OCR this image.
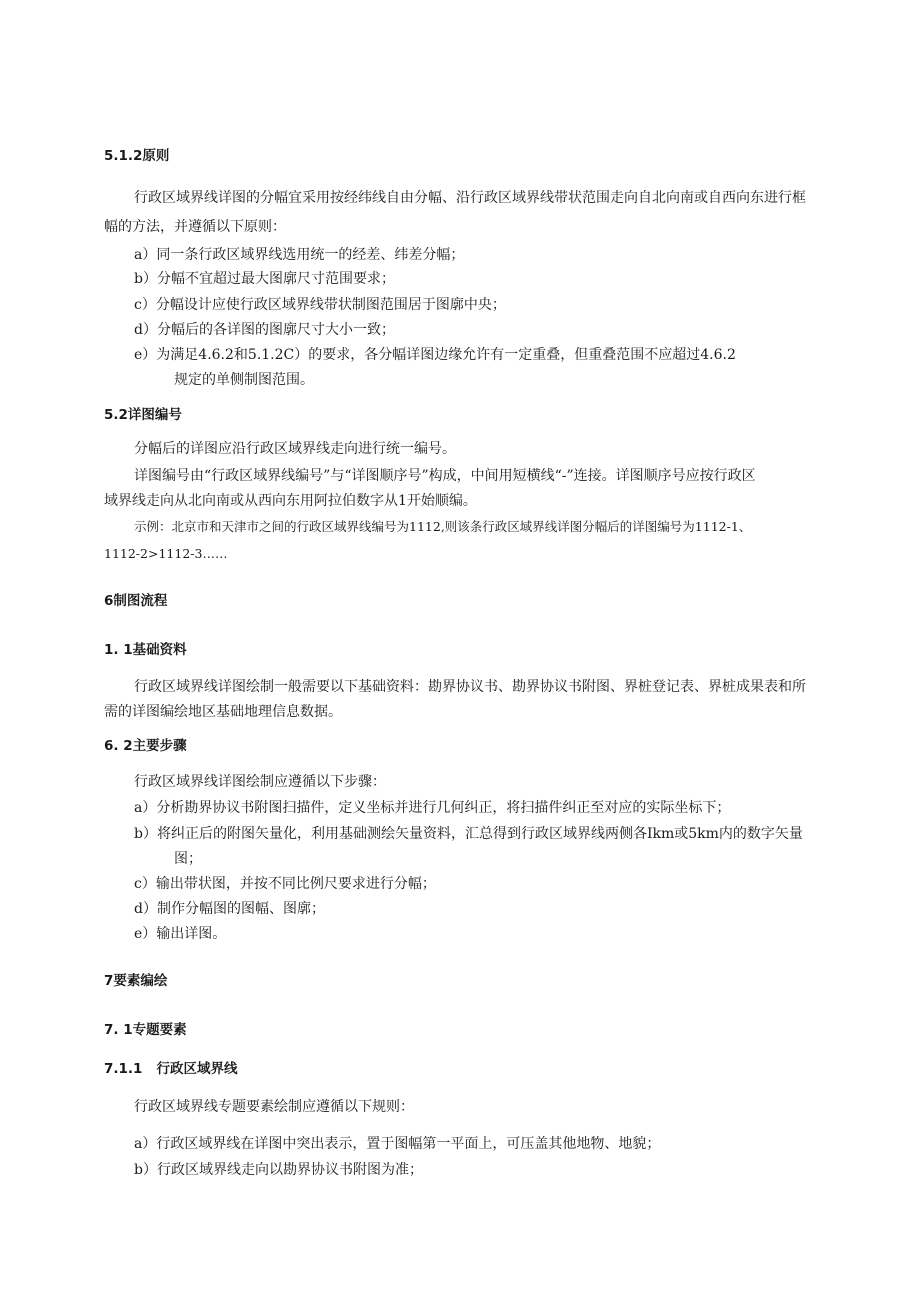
5.1.2原则
行政区域界线详图的分幅宜采用按经纬线自由分幅、沿行政区域界线带状范围走向自北向南或自西向东进行框
幅的方法，并遵循以下原则：
a）同一条行政区域界线选用统一的经差、纬差分幅；
b）分幅不宜超过最大图廓尺寸范围要求；
c）分幅设计应使行政区域界线带状制图范围居于图廓中央；
d）分幅后的各详图的图廓尺寸大小一致；
e）为满足4.6.2和5.1.2C）的要求，各分幅详图边缘允许有一定重叠，但重叠范围不应超过4.6.2
规定的单侧制图范围。
5.2详图编号
分幅后的详图应沿行政区域界线走向进行统一编号。
详图编号由“行政区域界线编号”与“详图顺序号”构成，中间用短横线“-”连接。详图顺序号应按行政区
域界线走向从北向南或从西向东用阿拉伯数字从1开始顺编。
示例：北京市和天津市之间的行政区域界线编号为1112,则该条行政区域界线详图分幅后的详图编号为1112-1、
1112-2>1112-3……
6制图流程
1. 1基础资料
行政区域界线详图绘制一般需要以下基础资料：勘界协议书、勘界协议书附图、界桩登记表、界桩成果表和所
需的详图编绘地区基础地理信息数据。
6. 2主要步骤
行政区域界线详图绘制应遵循以下步骤：
a）分析勘界协议书附图扫描件，定义坐标并进行几何纠正，将扫描件纠正至对应的实际坐标下；
b）将纠正后的附图矢量化，利用基础测绘矢量资料，汇总得到行政区域界线两侧各Ikm或5km内的数字矢量
图；
c）输出带状图，并按不同比例尺要求进行分幅；
d）制作分幅图的图幅、图廓；
e）输出详图。
7要素编绘
7. 1专题要素
7.1.1   行政区域界线
行政区域界线专题要素绘制应遵循以下规则：
a）行政区域界线在详图中突出表示，置于图幅第一平面上，可压盖其他地物、地貌；
b）行政区域界线走向以勘界协议书附图为准；
